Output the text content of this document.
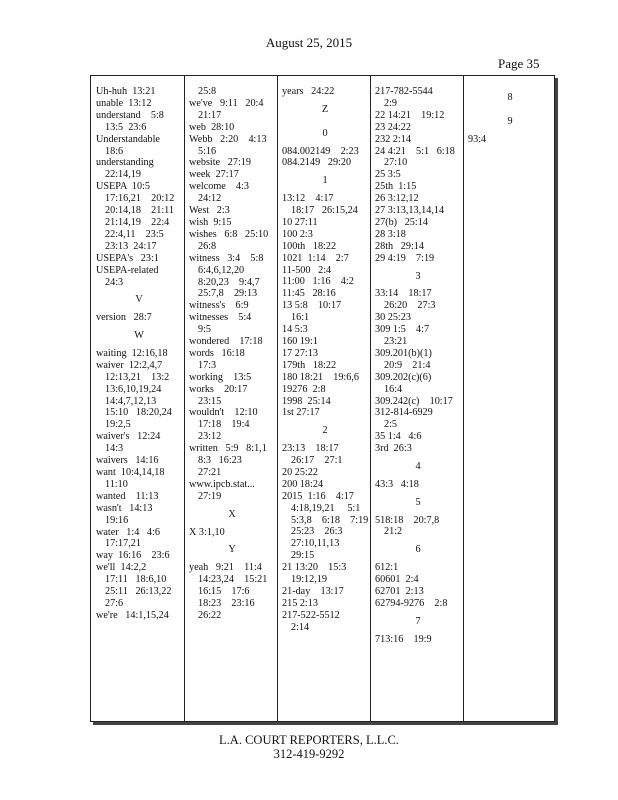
August 25, 2015
Page 35
Uh-huh  13:21
unable  13:12
understand    5:8
13:5  23:6
Understandable
18:6
understanding
22:14,19
USEPA  10:5
17:16,21    20:12
20:14,18    21:11
21:14,19    22:4
22:4,11    23:5
23:13  24:17
USEPA's   23:1
USEPA-related
24:3
V
version   28:7
W
waiting  12:16,18
waiver  12:2,4,7
12:13,21    13:2
13:6,10,19,24
14:4,7,12,13
15:10   18:20,24
19:2,5
waiver's   12:24
14:3
waivers   14:16
want  10:4,14,18
11:10
wanted    11:13
wasn't   14:13
19:16
water   1:4   4:6
17:17,21
way  16:16    23:6
we'll  14:2,2
17:11   18:6,10
25:11   26:13,22
27:6
we're   14:1,15,24
25:8
we've   9:11   20:4
21:17
web  28:10
Webb   2:20    4:13
5:16
website   27:19
week  27:17
welcome    4:3
24:12
West   2:3
wish  9:15
wishes   6:8   25:10
26:8
witness   3:4    5:8
6:4,6,12,20
8:20,23    9:4,7
25:7,8    29:13
witness's    6:9
witnesses    5:4
9:5
wondered    17:18
words   16:18
17:3
working    13:5
works    20:17
23:15
wouldn't    12:10
17:18    19:4
23:12
written   5:9   8:1,1
8:3   16:23
27:21
www.ipcb.stat...
27:19
X
X 3:1,10
Y
yeah   9:21    11:4
14:23,24    15:21
16:15    17:6
18:23    23:16
26:22
years   24:22
Z
0
084.002149    2:23
084.2149   29:20
1
13:12    4:17
18:17   26:15,24
10 27:11
100 2:3
100th   18:22
1021  1:14    2:7
11-500   2:4
11:00   1:16    4:2
11:45   28:16
13 5:8    10:17
16:1
14 5:3
160 19:1
17 27:13
179th   18:22
180 18:21    19:6,6
19276  2:8
1998  25:14
1st 27:17
2
23:13    18:17
26:17    27:1
20 25:22
200 18:24
2015  1:16    4:17
4:18,19,21     5:1
5:3,8    6:18    7:19
25:23    26:3
27:10,11,13
29:15
21 13:20    15:3
19:12,19
21-day    13:17
215 2:13
217-522-5512
2:14
217-782-5544
2:9
22 14:21    19:12
23 24:22
232 2:14
24 4:21    5:1   6:18
27:10
25 3:5
25th  1:15
26 3:12,12
27 3:13,13,14,14
27(b)   25:14
28 3:18
28th   29:14
29 4:19    7:19
3
33:14    18:17
26:20    27:3
30 25:23
309 1:5    4:7
23:21
309.201(b)(1)
20:9    21:4
309.202(c)(6)
16:4
309.242(c)    10:17
312-814-6929
2:5
35 1:4   4:6
3rd  26:3
4
43:3   4:18
5
518:18    20:7,8
21:2
6
612:1
60601  2:4
62701  2:13
62794-9276    2:8
7
713:16    19:9
8
9
93:4
L.A. COURT REPORTERS, L.L.C.
312-419-9292
